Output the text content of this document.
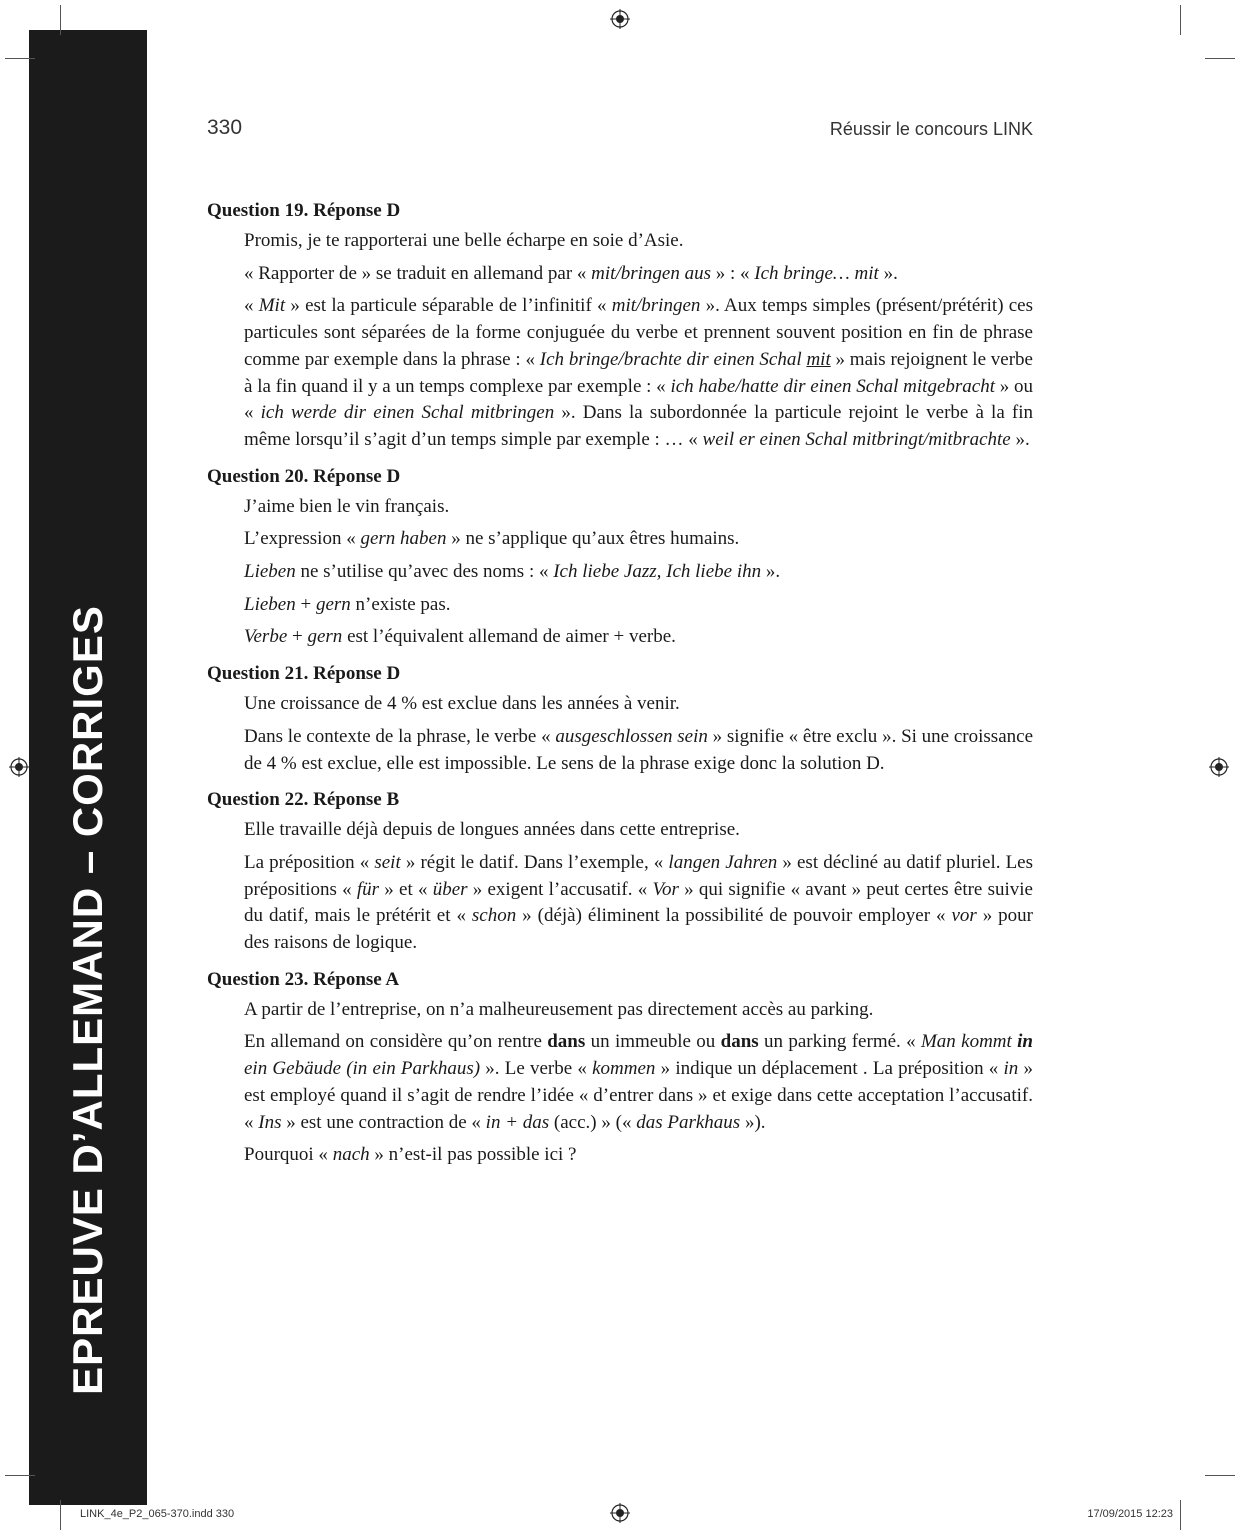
EPREUVE D’ALLEMAND – CORRIGES
330	Réussir le concours LINK
Question 19. Réponse D
Promis, je te rapporterai une belle écharpe en soie d’Asie.
« Rapporter de » se traduit en allemand par « mit/bringen aus » : « Ich bringe… mit ».
« Mit » est la particule séparable de l’infinitif « mit/bringen ». Aux temps simples (présent/prétérit) ces particules sont séparées de la forme conjuguée du verbe et prennent souvent position en fin de phrase comme par exemple dans la phrase : « Ich bringe/brachte dir einen Schal mit » mais rejoignent le verbe à la fin quand il y a un temps complexe par exemple : « ich habe/hatte dir einen Schal mitgebracht » ou « ich werde dir einen Schal mitbringen ». Dans la subordonnée la particule rejoint le verbe à la fin même lorsqu’il s’agit d’un temps simple par exemple : … « weil er einen Schal mitbringt/mitbrachte ».
Question 20. Réponse D
J’aime bien le vin français.
L’expression « gern haben » ne s’applique qu’aux êtres humains.
Lieben ne s’utilise qu’avec des noms : « Ich liebe Jazz, Ich liebe ihn ».
Lieben + gern n’existe pas.
Verbe + gern est l’équivalent allemand de aimer + verbe.
Question 21. Réponse D
Une croissance de 4 % est exclue dans les années à venir.
Dans le contexte de la phrase, le verbe « ausgeschlossen sein » signifie « être exclu ». Si une croissance de 4 % est exclue, elle est impossible. Le sens de la phrase exige donc la solution D.
Question 22. Réponse B
Elle travaille déjà depuis de longues années dans cette entreprise.
La préposition « seit » régit le datif. Dans l’exemple, « langen Jahren » est décliné au datif pluriel. Les prépositions « für » et « über » exigent l’accusatif. « Vor » qui signifie « avant » peut certes être suivie du datif, mais le prétérit et « schon » (déjà) éliminent la possibilité de pouvoir employer « vor » pour des raisons de logique.
Question 23. Réponse A
A partir de l’entreprise, on n’a malheureusement pas directement accès au parking.
En allemand on considère qu’on rentre dans un immeuble ou dans un parking fermé. « Man kommt in ein Gebäude (in ein Parkhaus) ». Le verbe « kommen » indique un déplacement . La préposition « in » est employé quand il s’agit de rendre l’idée « d’entrer dans » et exige dans cette acceptation l’accusatif. « Ins » est une contraction de « in + das (acc.) » (« das Parkhaus »).
Pourquoi « nach » n’est-il pas possible ici ?
LINK_4e_P2_065-370.indd 330	17/09/2015 12:23
